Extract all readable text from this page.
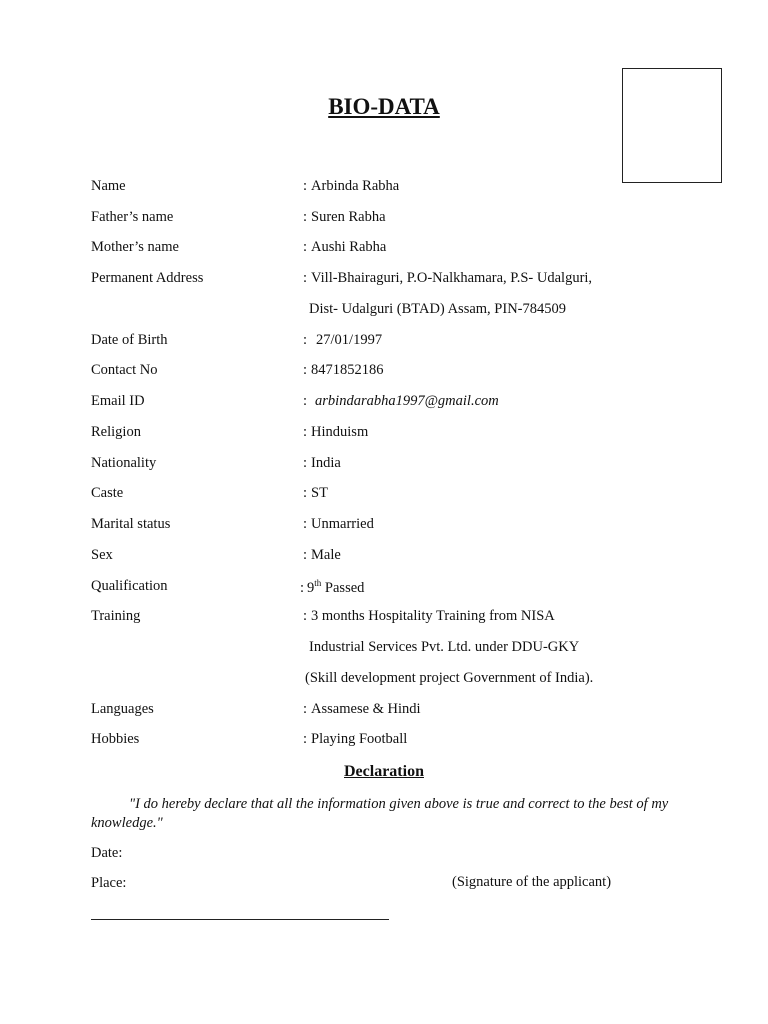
BIO-DATA
Name	: Arbinda Rabha
Father’s name	: Suren Rabha
Mother’s name	: Aushi Rabha
Permanent Address	: Vill-Bhairaguri, P.O-Nalkhamara, P.S- Udalguri,
Dist- Udalguri (BTAD) Assam, PIN-784509
Date of Birth	: 27/01/1997
Contact No	: 8471852186
Email ID	: arbindarabha1997@gmail.com
Religion	: Hinduism
Nationality	: India
Caste	: ST
Marital status	: Unmarried
Sex	: Male
Qualification	: 9th Passed
Training	: 3 months Hospitality Training from NISA
Industrial Services Pvt. Ltd. under DDU-GKY
(Skill development project Government of India).
Languages	: Assamese & Hindi
Hobbies	: Playing Football
Declaration
"I do hereby declare that all the information given above is true and correct to the best of my knowledge."
Date:
Place:	(Signature of the applicant)
